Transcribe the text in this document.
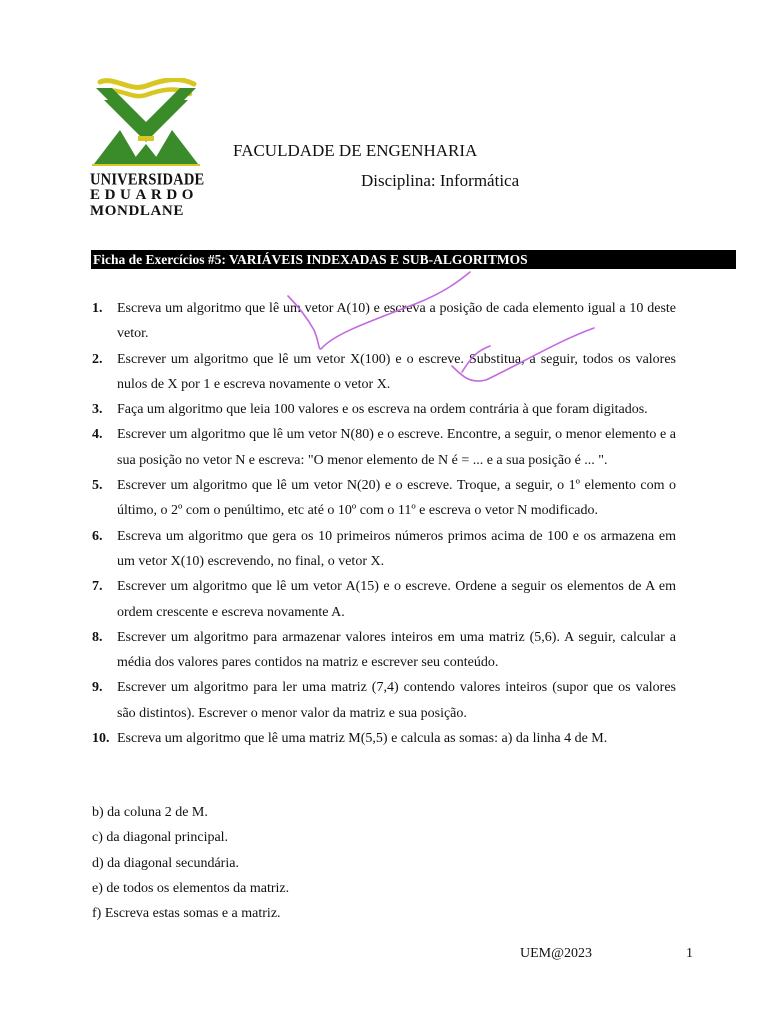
UNIVERSIDADE
EDUARDO
MONDLANE
FACULDADE DE ENGENHARIA
Disciplina: Informática
Ficha de Exercícios #5: VARIÁVEIS INDEXADAS E SUB-ALGORITMOS
1. Escreva um algoritmo que lê um vetor A(10) e escreva a posição de cada elemento igual a 10 deste vetor.
2. Escrever um algoritmo que lê um vetor X(100) e o escreve. Substitua, a seguir, todos os valores nulos de X por 1 e escreva novamente o vetor X.
3. Faça um algoritmo que leia 100 valores e os escreva na ordem contrária à que foram digitados.
4. Escrever um algoritmo que lê um vetor N(80) e o escreve. Encontre, a seguir, o menor elemento e a sua posição no vetor N e escreva: "O menor elemento de N é = ... e a sua posição é ... ".
5. Escrever um algoritmo que lê um vetor N(20) e o escreve. Troque, a seguir, o 1º elemento com o último, o 2º com o penúltimo, etc até o 10º com o 11º e escreva o vetor N modificado.
6. Escreva um algoritmo que gera os 10 primeiros números primos acima de 100 e os armazena em um vetor X(10) escrevendo, no final, o vetor X.
7. Escrever um algoritmo que lê um vetor A(15) e o escreve. Ordene a seguir os elementos de A em ordem crescente e escreva novamente A.
8. Escrever um algoritmo para armazenar valores inteiros em uma matriz (5,6). A seguir, calcular a média dos valores pares contidos na matriz e escrever seu conteúdo.
9. Escrever um algoritmo para ler uma matriz (7,4) contendo valores inteiros (supor que os valores são distintos). Escrever o menor valor da matriz e sua posição.
10. Escreva um algoritmo que lê uma matriz M(5,5) e calcula as somas: a) da linha 4 de M.
b) da coluna 2 de M.
c) da diagonal principal.
d) da diagonal secundária.
e) de todos os elementos da matriz.
f) Escreva estas somas e a matriz.
UEM@2023	1
